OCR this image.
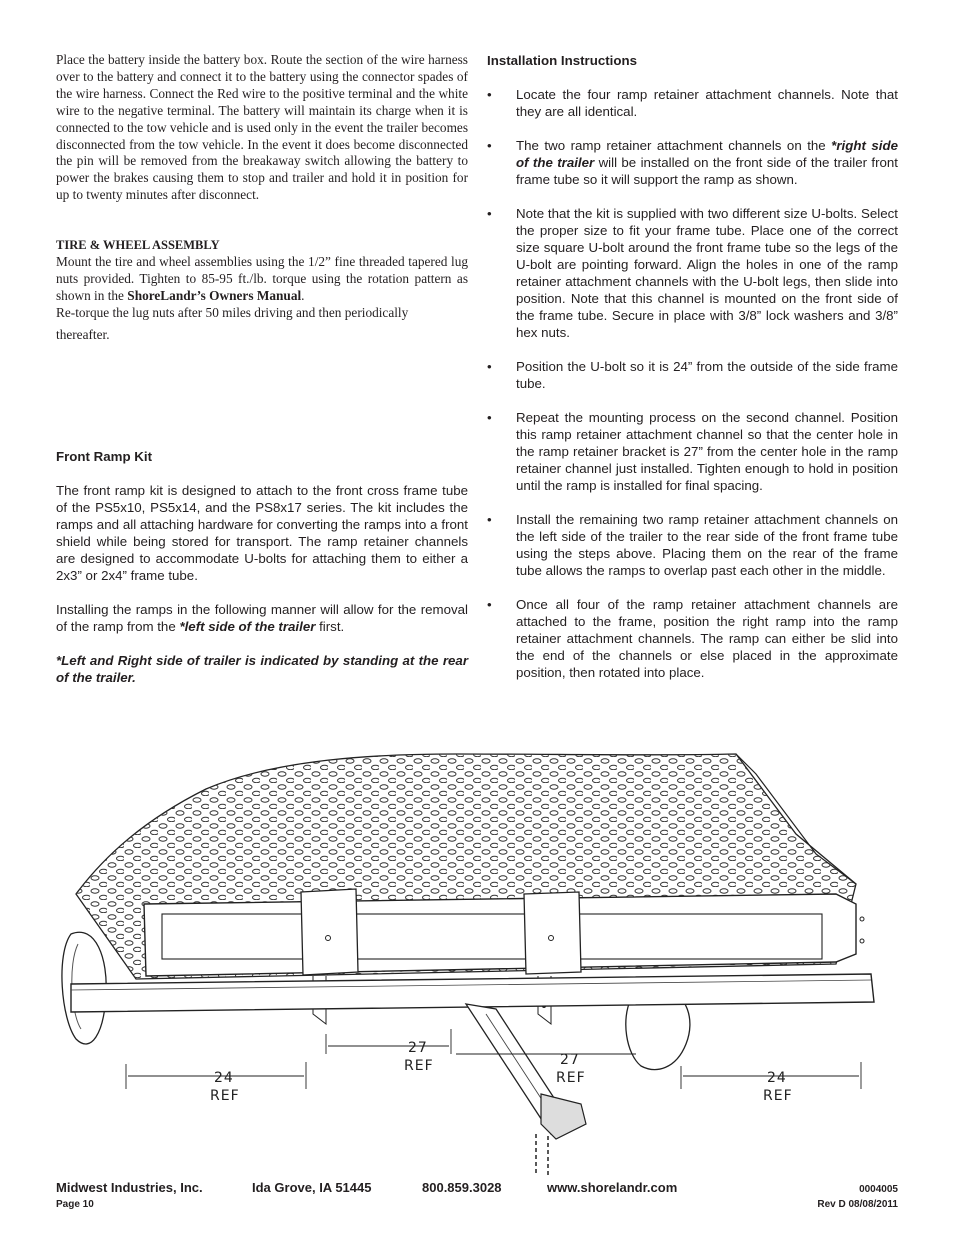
Place the battery inside the battery box. Route the section of the wire harness over to the battery and connect it to the battery using the connector spades of the wire harness. Connect the Red wire to the positive terminal and the white wire to the negative terminal. The battery will maintain its charge when it is connected to the tow vehicle and is used only in the event the trailer becomes disconnected from the tow vehicle. In the event it does become disconnected the pin will be removed from the breakaway switch allowing the battery to power the brakes causing them to stop and trailer and hold it in position for up to twenty minutes after disconnect.

TIRE & WHEEL ASSEMBLY

Mount the tire and wheel assemblies using the 1/2” fine threaded tapered lug nuts provided. Tighten to 85-95 ft./lb. torque using the rotation pattern as shown in the ShoreLandr’s Owners Manual.

Re-torque the lug nuts after 50 miles driving and then periodically

thereafter.

Front Ramp Kit

The front ramp kit is designed to attach to the front cross frame tube of the PS5x10, PS5x14, and the PS8x17 series. The kit includes the ramps and all attaching hardware for converting the ramps into a front shield while being stored for transport. The ramp retainer channels are designed to accommodate U-bolts for attaching them to either a 2x3” or 2x4” frame tube.

Installing the ramps in the following manner will allow for the removal of the ramp from the *left side of the trailer first.

*Left and Right side of trailer is indicated by standing at the rear of the trailer.

Installation Instructions

• Locate the four ramp retainer attachment channels. Note that they are all identical.
• The two ramp retainer attachment channels on the *right side of the trailer will be installed on the front side of the trailer front frame tube so it will support the ramp as shown.
• Note that the kit is supplied with two different size U-bolts. Select the proper size to fit your frame tube. Place one of the correct size square U-bolt around the front frame tube so the legs of the U-bolt are pointing forward. Align the holes in one of the ramp retainer attachment channels with the U-bolt legs, then slide into position. Note that this channel is mounted on the front side of the frame tube. Secure in place with 3/8” lock washers and 3/8” hex nuts.
• Position the U-bolt so it is 24” from the outside of the side frame tube.
• Repeat the mounting process on the second channel. Position this ramp retainer attachment channel so that the center hole in the ramp retainer bracket is 27” from the center hole in the ramp retainer channel just installed. Tighten enough to hold in position until the ramp is installed for final spacing.
• Install the remaining two ramp retainer attachment channels on the left side of the trailer to the rear side of the front frame tube using the steps above. Placing them on the rear of the frame tube allows the ramps to overlap past each other in the middle.
• Once all four of the ramp retainer attachment channels are attached to the frame, position the right ramp into the ramp retainer attachment channels. The ramp can either be slid into the end of the channels or else placed in the approximate position, then rotated into place.
24
REF
27
REF	27
REF	24
REF
Midwest Industries, Inc.	Ida Grove, IA 51445	800.859.3028	www.shorelandr.com	0004005
Page 10	Rev D 08/08/2011
